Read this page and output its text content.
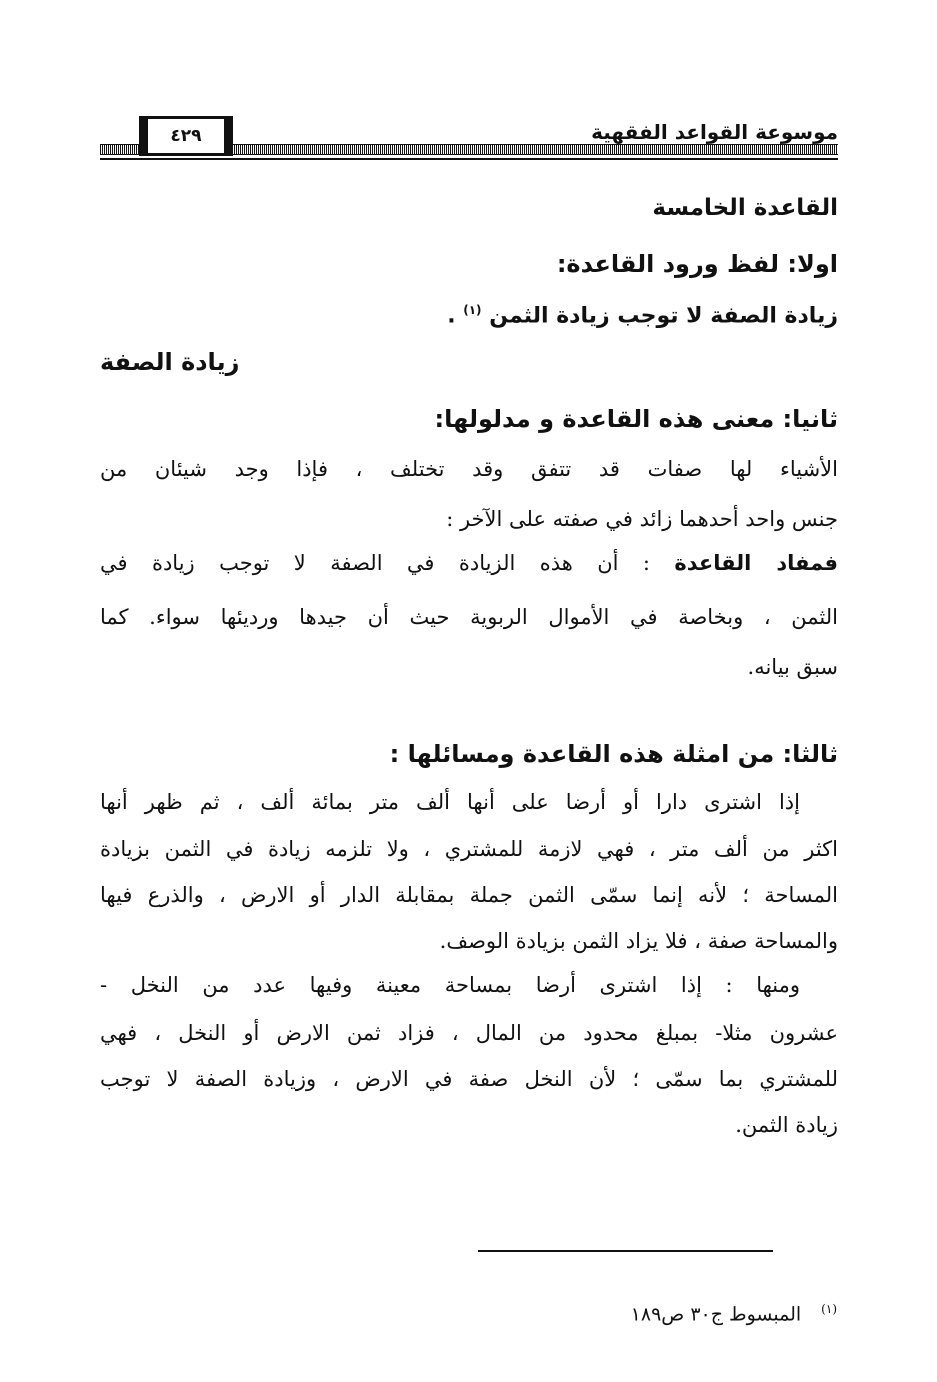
موسوعة القواعد الفقهية
٤٢٩
القاعدة الخامسة
اولا: لفظ ورود القاعدة:
زيادة الصفة لا توجب زيادة الثمن $^{(١)}$ .
زيادة الصفة
ثانيا: معنى هذه القاعدة و مدلولها:
الأشياء لها صفات قد تتفق وقد تختلف ، فإذا وجد شيئان من
جنس واحد أحدهما زائد في صفته على الآخر :
فمفاد القاعدة : أن هذه الزيادة في الصفة لا توجب زيادة في
الثمن ، وبخاصة في الأموال الربوية حيث أن جيدها ورديئها سواء. كما
سبق بيانه.
ثالثا: من امثلة هذه القاعدة ومسائلها :
إذا اشترى دارا أو أرضا على أنها ألف متر بمائة ألف ، ثم ظهر أنها
اكثر من ألف متر ، فهي لازمة للمشتري ، ولا تلزمه زيادة في الثمن بزيادة
المساحة ؛ لأنه إنما سمّى الثمن جملة بمقابلة الدار أو الارض ، والذرع فيها
والمساحة صفة ، فلا يزاد الثمن بزيادة الوصف.
ومنها : إذا اشترى أرضا بمساحة معينة وفيها عدد من النخل -
عشرون مثلا- بمبلغ محدود من المال ، فزاد ثمن الارض أو النخل ، فهي
للمشتري بما سمّى ؛ لأن النخل صفة في الارض ، وزيادة الصفة لا توجب
زيادة الثمن.
$^{(١)}$المبسوط ج٣٠ ص١٨٩
